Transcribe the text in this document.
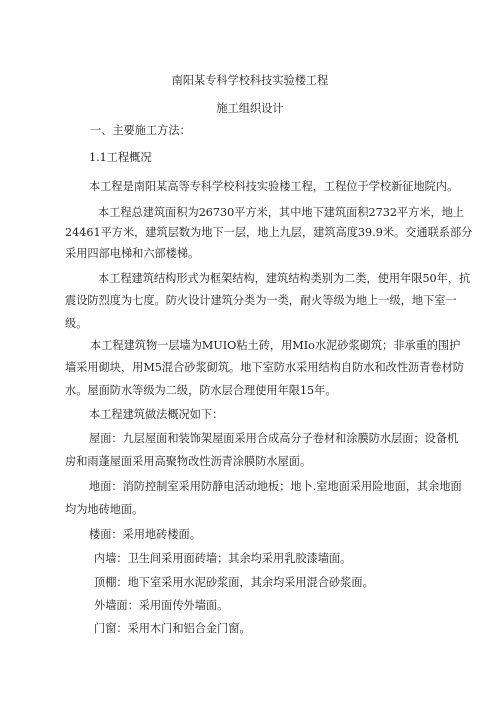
南阳某专科学校科技实验楼工程
施工组织设计
一、主要施工方法：
1.1工程概况
本工程是南阳某高等专科学校科技实验楼工程，工程位于学校新征地院内。
本工程总建筑面积为26730平方米，其中地下建筑面积2732平方米，地上
24461平方米，建筑层数为地下一层，地上九层，建筑高度39.9米。交通联系部分
采用四部电梯和六部楼梯。
本工程建筑结构形式为框架结构，建筑结构类别为二类，使用年限50年，抗
震设防烈度为七度。防火设计建筑分类为一类，耐火等级为地上一级，地下室一
级。
本工程建筑物一层墙为MUIO粘土砖，用MIo水泥砂浆砌筑；非承重的围护
墙采用砌块，用M5混合砂浆砌筑。地下室防水采用结构自防水和改性沥青卷材防
水。屋面防水等级为二级，防水层合理使用年限15年。
本工程建筑做法概况如下：
屋面：九层屋面和装饰架屋面采用合成高分子卷材和涂膜防水层面；设备机
房和雨蓬屋面采用高聚物改性沥青涂膜防水屋面。
地面：消防控制室采用防静电活动地板；地卜.室地面采用险地面，其余地面
均为地砖地面。
楼面：采用地砖楼面。
内墙：卫生间采用面砖墙；其余均采用乳胶漆墙面。
顶棚：地下室采用水泥砂浆面，其余均采用混合砂浆面。
外墙面：采用面传外墙面。
门窗：采用木门和铝合金门窗。
